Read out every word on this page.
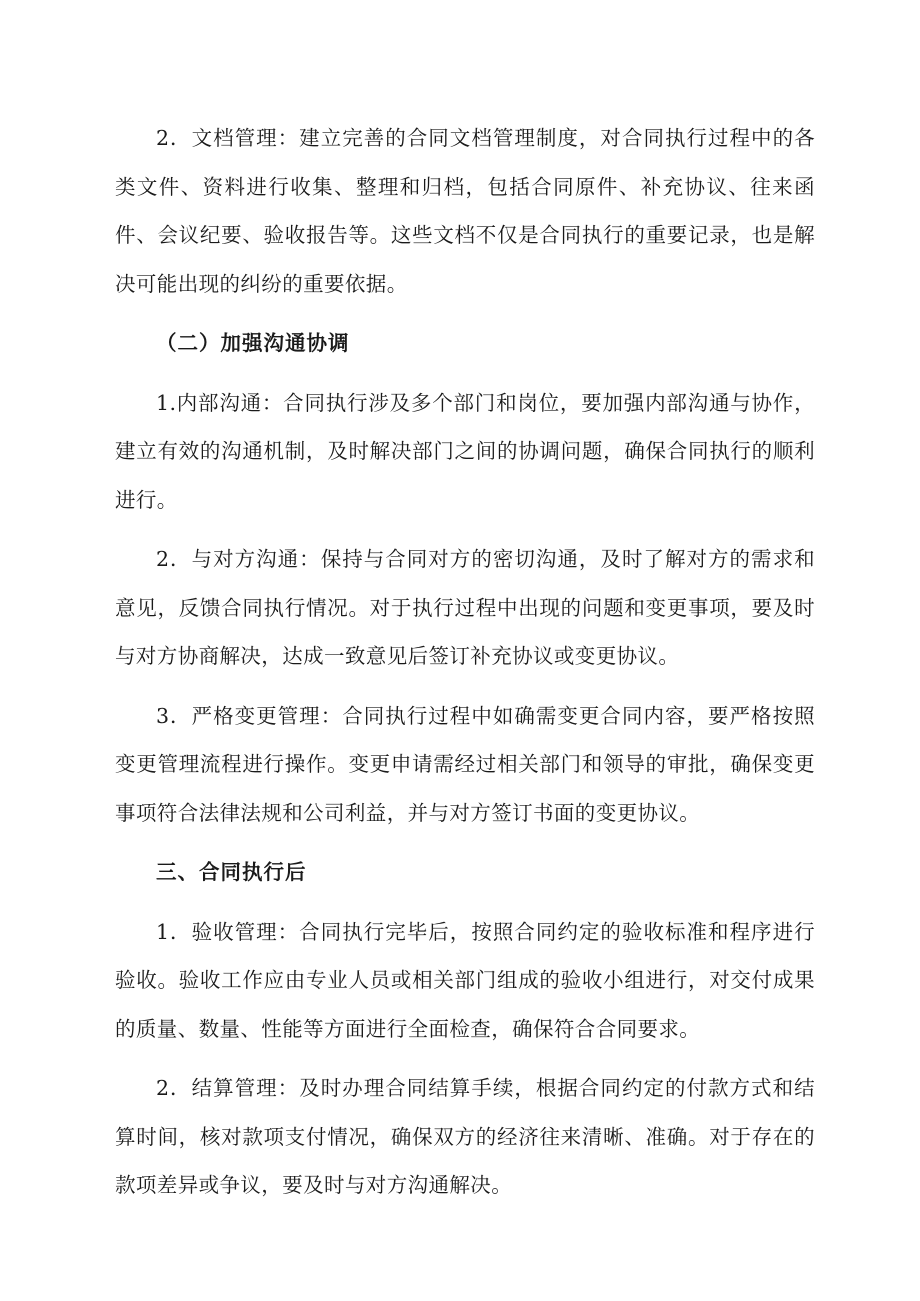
2．文档管理：建立完善的合同文档管理制度，对合同执行过程中的各类文件、资料进行收集、整理和归档，包括合同原件、补充协议、往来函件、会议纪要、验收报告等。这些文档不仅是合同执行的重要记录，也是解决可能出现的纠纷的重要依据。

（二）加强沟通协调

1.内部沟通：合同执行涉及多个部门和岗位，要加强内部沟通与协作，建立有效的沟通机制，及时解决部门之间的协调问题，确保合同执行的顺利进行。

2．与对方沟通：保持与合同对方的密切沟通，及时了解对方的需求和意见，反馈合同执行情况。对于执行过程中出现的问题和变更事项，要及时与对方协商解决，达成一致意见后签订补充协议或变更协议。

3．严格变更管理：合同执行过程中如确需变更合同内容，要严格按照变更管理流程进行操作。变更申请需经过相关部门和领导的审批，确保变更事项符合法律法规和公司利益，并与对方签订书面的变更协议。

三、合同执行后

1．验收管理：合同执行完毕后，按照合同约定的验收标准和程序进行验收。验收工作应由专业人员或相关部门组成的验收小组进行，对交付成果的质量、数量、性能等方面进行全面检查，确保符合合同要求。

2．结算管理：及时办理合同结算手续，根据合同约定的付款方式和结算时间，核对款项支付情况，确保双方的经济往来清晰、准确。对于存在的款项差异或争议，要及时与对方沟通解决。
